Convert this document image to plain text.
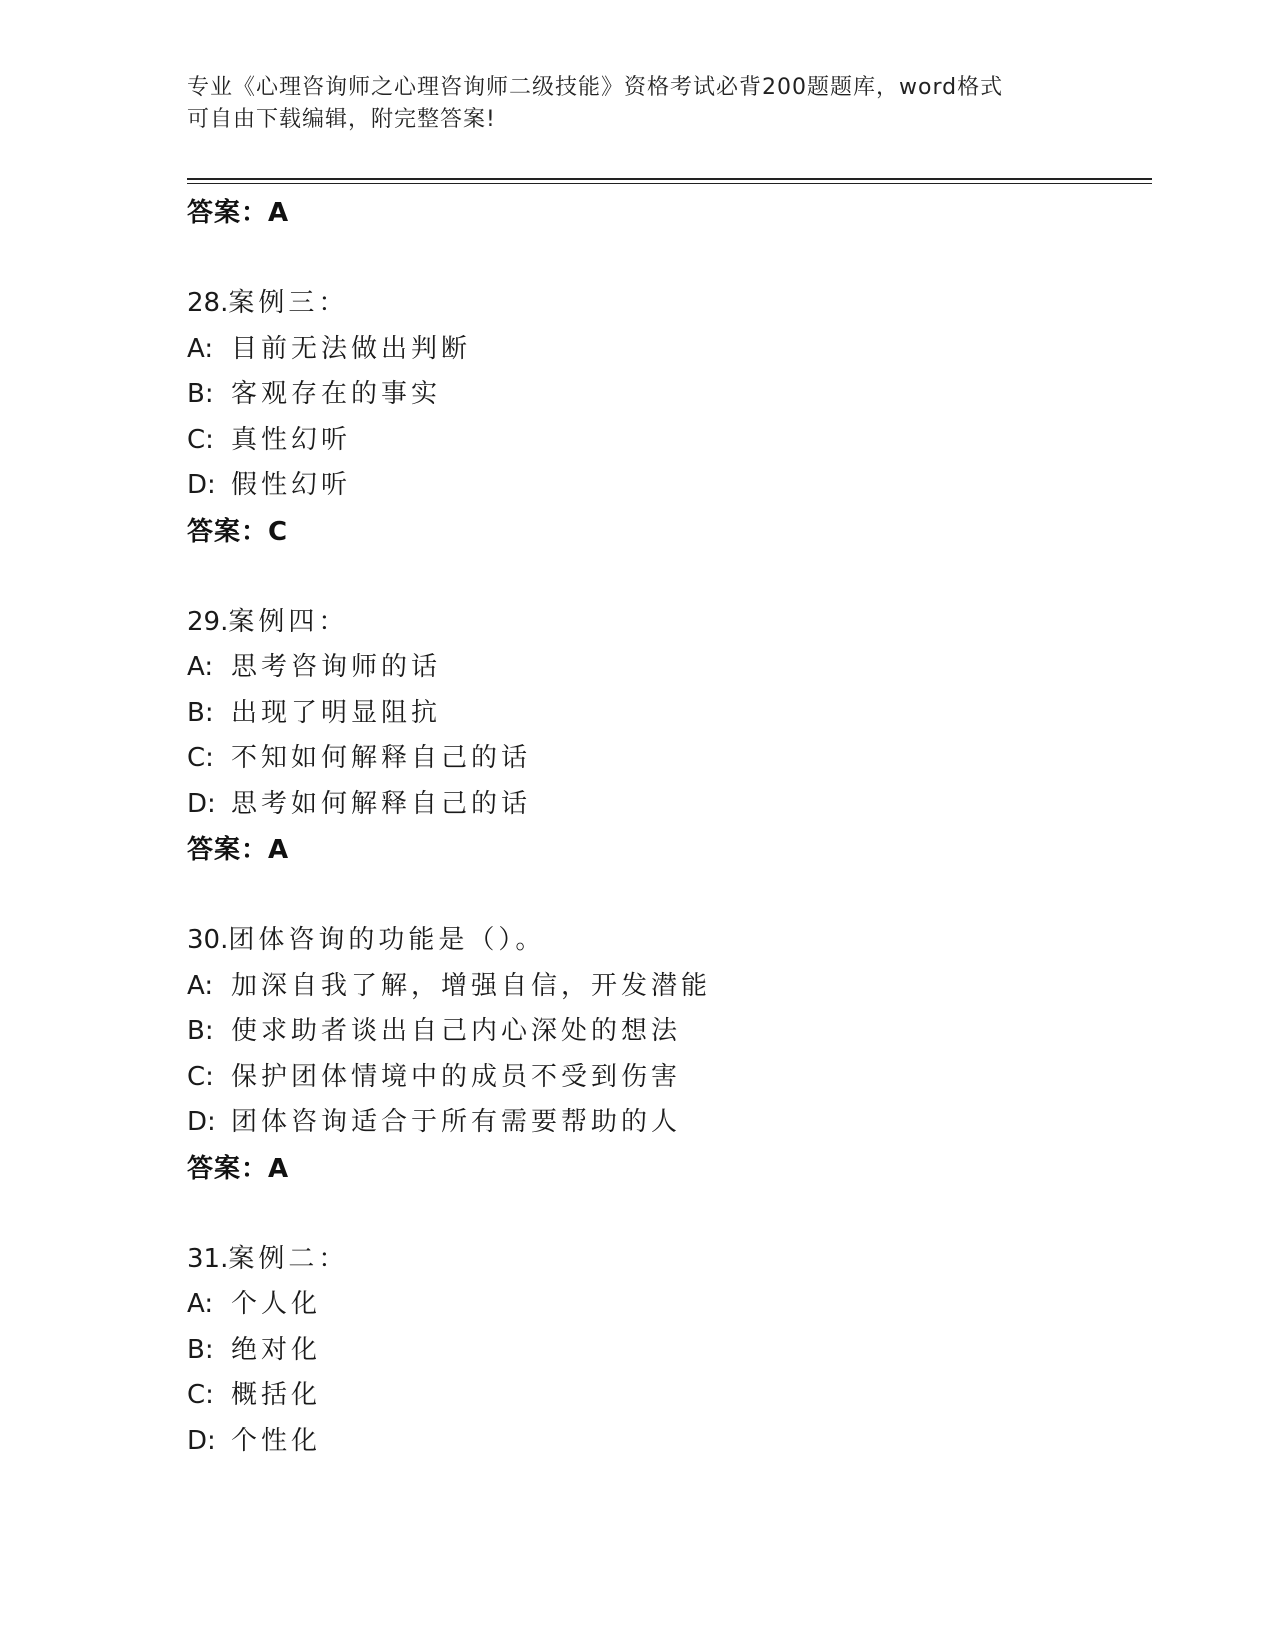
专业《心理咨询师之心理咨询师二级技能》资格考试必背200题题库，word格式
可自由下载编辑，附完整答案!
答案：A
28.案例三：
A: 目前无法做出判断
B: 客观存在的事实
C: 真性幻听
D: 假性幻听
答案：C
29.案例四：
A: 思考咨询师的话
B: 出现了明显阻抗
C: 不知如何解释自己的话
D: 思考如何解释自己的话
答案：A
30.团体咨询的功能是（）。
A: 加深自我了解，增强自信，开发潜能
B: 使求助者谈出自己内心深处的想法
C: 保护团体情境中的成员不受到伤害
D: 团体咨询适合于所有需要帮助的人
答案：A
31.案例二：
A: 个人化
B: 绝对化
C: 概括化
D: 个性化
